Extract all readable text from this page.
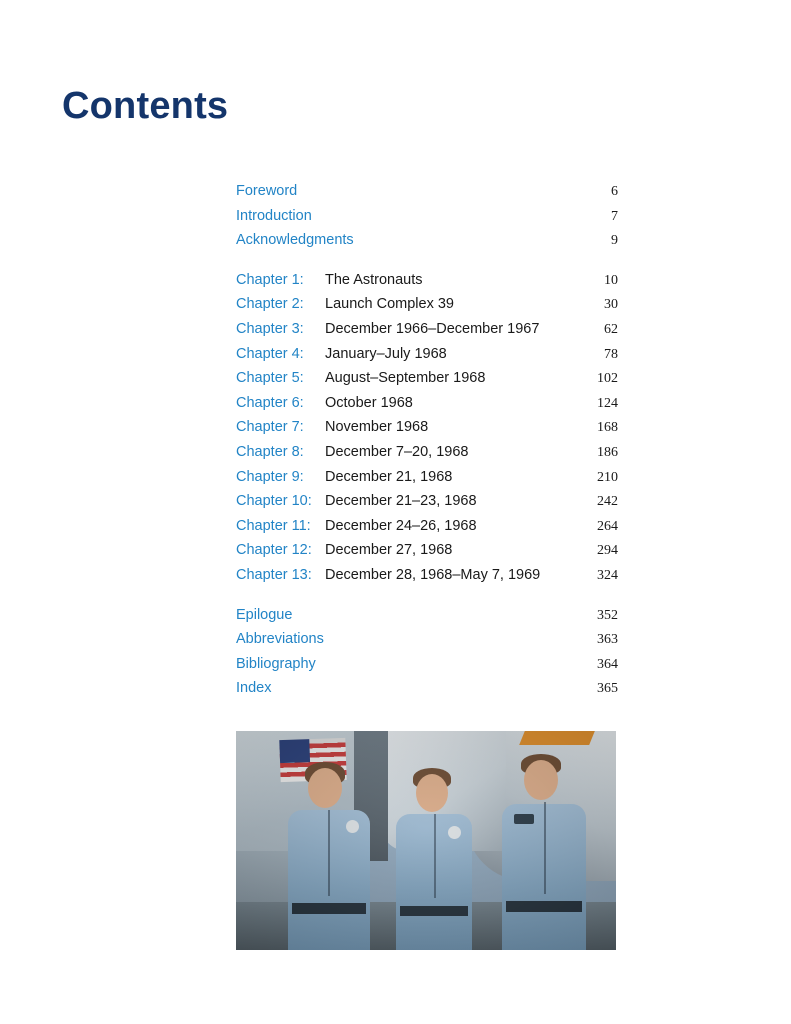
Contents
Foreword	6
Introduction	7
Acknowledgments	9
Chapter 1:	The Astronauts	10
Chapter 2:	Launch Complex 39	30
Chapter 3:	December 1966–December 1967	62
Chapter 4:	January–July 1968	78
Chapter 5:	August–September 1968	102
Chapter 6:	October 1968	124
Chapter 7:	November 1968	168
Chapter 8:	December 7–20, 1968	186
Chapter 9:	December 21, 1968	210
Chapter 10: December 21–23, 1968	242
Chapter 11: December 24–26, 1968	264
Chapter 12: December 27, 1968	294
Chapter 13: December 28, 1968–May 7, 1969	324
Epilogue	352
Abbreviations	363
Bibliography	364
Index	365
